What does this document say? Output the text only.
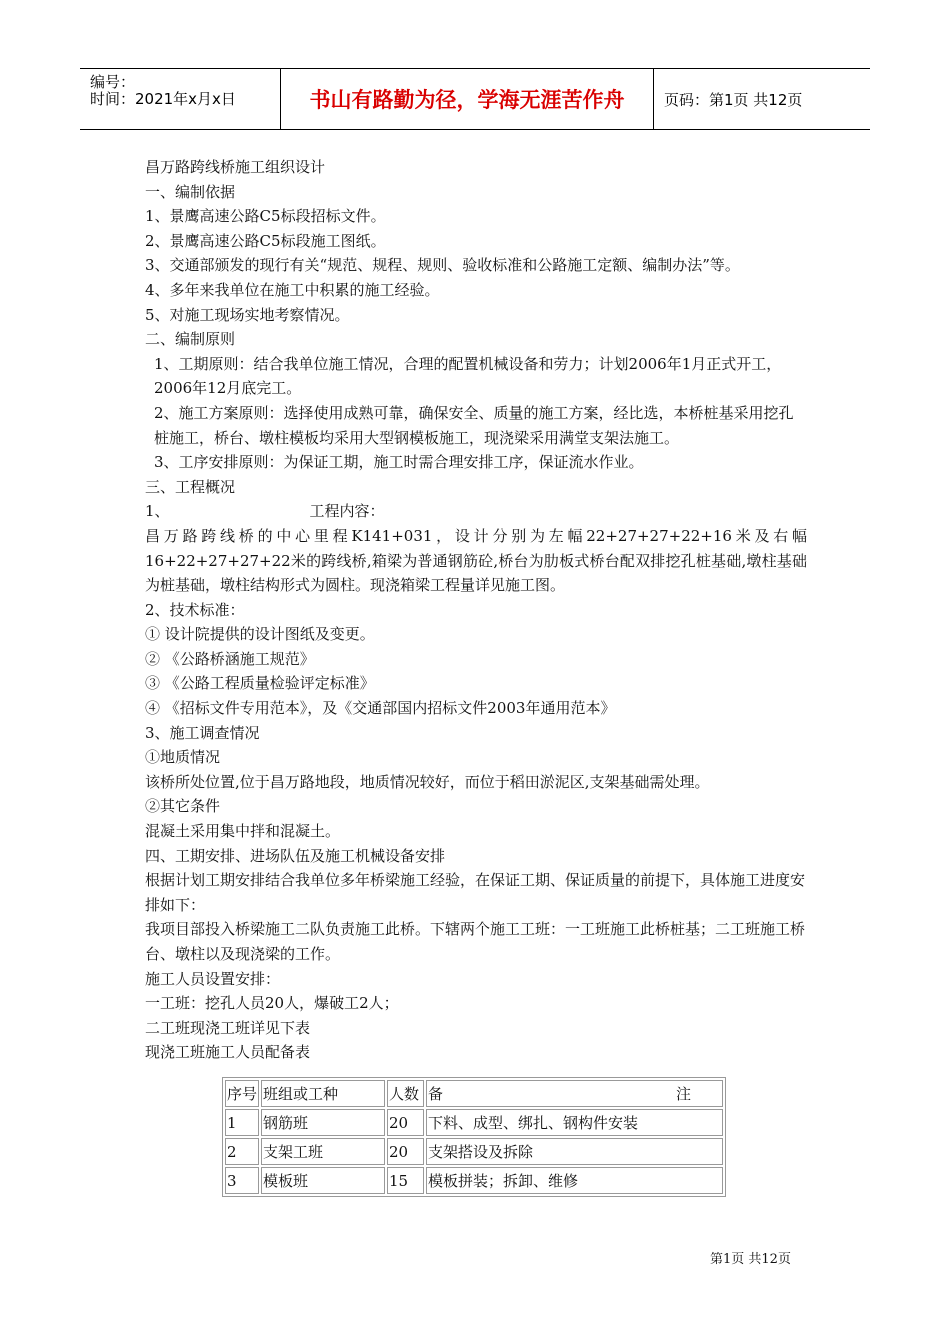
编号：
时间：2021年x月x日	书山有路勤为径，学海无涯苦作舟	页码：第1页 共12页

昌万路跨线桥施工组织设计

一、编制依据

1、景鹰高速公路C5标段招标文件。

2、景鹰高速公路C5标段施工图纸。

3、交通部颁发的现行有关“规范、规程、规则、验收标准和公路施工定额、编制办法”等。

4、多年来我单位在施工中积累的施工经验。

5、对施工现场实地考察情况。

二、编制原则

1、工期原则：结合我单位施工情况，合理的配置机械设备和劳力；计划2006年1月正式开工，2006年12月底完工。

2、施工方案原则：选择使用成熟可靠，确保安全、质量的施工方案，经比选，本桥桩基采用挖孔桩施工，桥台、墩柱模板均采用大型钢模板施工，现浇梁采用满堂支架法施工。

3、工序安排原则：为保证工期，施工时需合理安排工序，保证流水作业。

三、工程概况

1、	工程内容：

昌万路跨线桥的中心里程K141+031，设计分别为左幅22+27+27+22+16米及右幅16+22+27+27+22米的跨线桥,箱梁为普通钢筋砼,桥台为肋板式桥台配双排挖孔桩基础,墩柱基础为桩基础，墩柱结构形式为圆柱。现浇箱梁工程量详见施工图。

2、技术标准：

① 设计院提供的设计图纸及变更。

② 《公路桥涵施工规范》

③ 《公路工程质量检验评定标准》

④ 《招标文件专用范本》，及《交通部国内招标文件2003年通用范本》

3、施工调查情况

①地质情况

该桥所处位置,位于昌万路地段，地质情况较好，而位于稻田淤泥区,支架基础需处理。

②其它条件

混凝土采用集中拌和混凝土。

四、工期安排、进场队伍及施工机械设备安排

根据计划工期安排结合我单位多年桥梁施工经验，在保证工期、保证质量的前提下，具体施工进度安排如下：

我项目部投入桥梁施工二队负责施工此桥。下辖两个施工工班：一工班施工此桥桩基；二工班施工桥台、墩柱以及现浇梁的工作。

施工人员设置安排：

一工班：挖孔人员20人，爆破工2人；

二工班现浇工班详见下表

现浇工班施工人员配备表

序号	班组或工种	人数	备 注

1	钢筋班	20	下料、成型、绑扎、钢构件安装
2	支架工班	20	支架搭设及拆除
3	模板班	15	模板拼装；拆卸、维修
第1页 共12页
